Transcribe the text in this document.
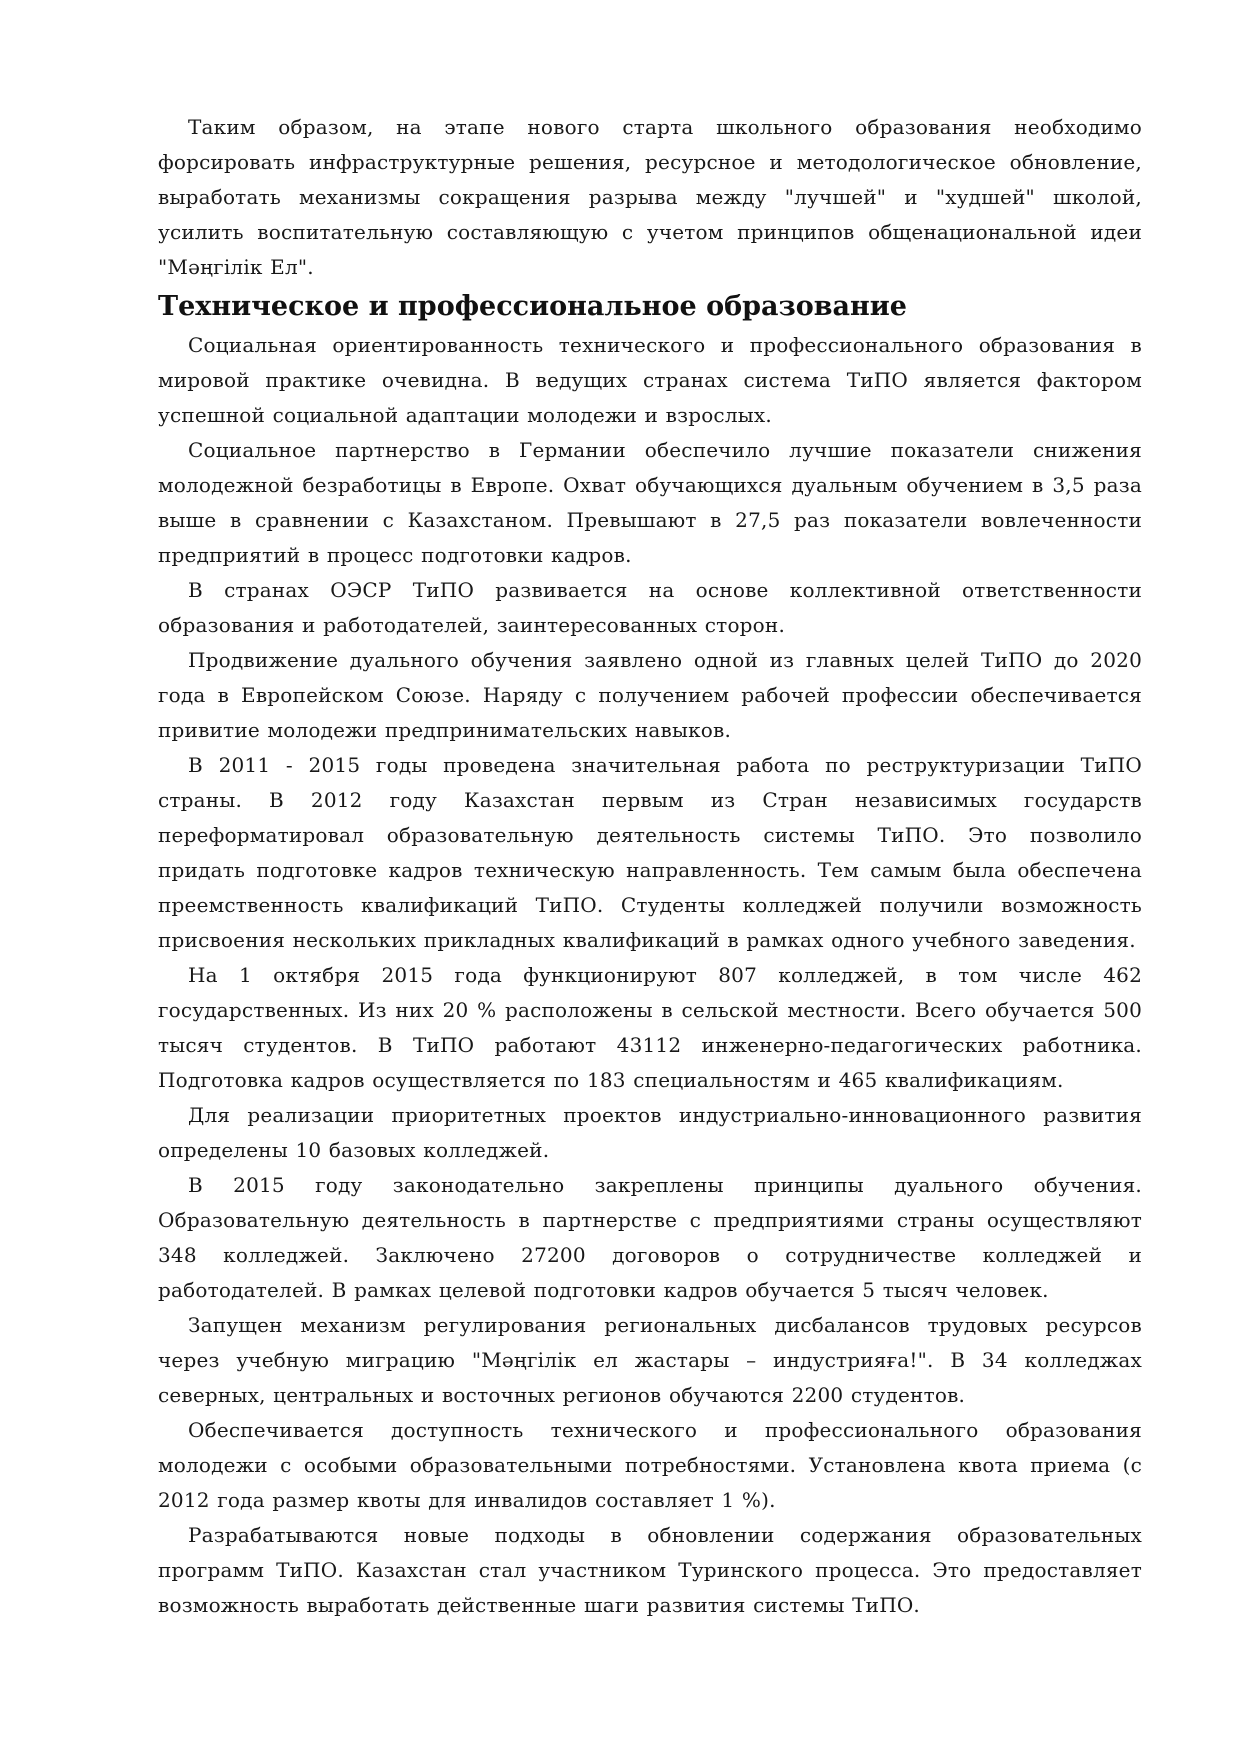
Таким образом, на этапе нового старта школьного образования необходимо форсировать инфраструктурные решения, ресурсное и методологическое обновление, выработать механизмы сокращения разрыва между "лучшей" и "худшей" школой, усилить воспитательную составляющую с учетом принципов общенациональной идеи "Мәңгілік Ел".

Техническое и профессиональное образование

Социальная ориентированность технического и профессионального образования в мировой практике очевидна. В ведущих странах система ТиПО является фактором успешной социальной адаптации молодежи и взрослых.

Социальное партнерство в Германии обеспечило лучшие показатели снижения молодежной безработицы в Европе. Охват обучающихся дуальным обучением в 3,5 раза выше в сравнении с Казахстаном. Превышают в 27,5 раз показатели вовлеченности предприятий в процесс подготовки кадров.

В странах ОЭСР ТиПО развивается на основе коллективной ответственности образования и работодателей, заинтересованных сторон.

Продвижение дуального обучения заявлено одной из главных целей ТиПО до 2020 года в Европейском Союзе. Наряду с получением рабочей профессии обеспечивается привитие молодежи предпринимательских навыков.

В 2011 - 2015 годы проведена значительная работа по реструктуризации ТиПО страны. В 2012 году Казахстан первым из Стран независимых государств переформатировал образовательную деятельность системы ТиПО. Это позволило придать подготовке кадров техническую направленность. Тем самым была обеспечена преемственность квалификаций ТиПО. Студенты колледжей получили возможность присвоения нескольких прикладных квалификаций в рамках одного учебного заведения.

На 1 октября 2015 года функционируют 807 колледжей, в том числе 462 государственных. Из них 20 % расположены в сельской местности. Всего обучается 500 тысяч студентов. В ТиПО работают 43112 инженерно-педагогических работника. Подготовка кадров осуществляется по 183 специальностям и 465 квалификациям.

Для реализации приоритетных проектов индустриально-инновационного развития определены 10 базовых колледжей.

В 2015 году законодательно закреплены принципы дуального обучения. Образовательную деятельность в партнерстве с предприятиями страны осуществляют 348 колледжей. Заключено 27200 договоров о сотрудничестве колледжей и работодателей. В рамках целевой подготовки кадров обучается 5 тысяч человек.

Запущен механизм регулирования региональных дисбалансов трудовых ресурсов через учебную миграцию "Мәңгілік ел жастары – индустрияға!". В 34 колледжах северных, центральных и восточных регионов обучаются 2200 студентов.

Обеспечивается доступность технического и профессионального образования молодежи с особыми образовательными потребностями. Установлена квота приема (с 2012 года размер квоты для инвалидов составляет 1 %).

Разрабатываются новые подходы в обновлении содержания образовательных программ ТиПО. Казахстан стал участником Туринского процесса. Это предоставляет возможность выработать действенные шаги развития системы ТиПО.
